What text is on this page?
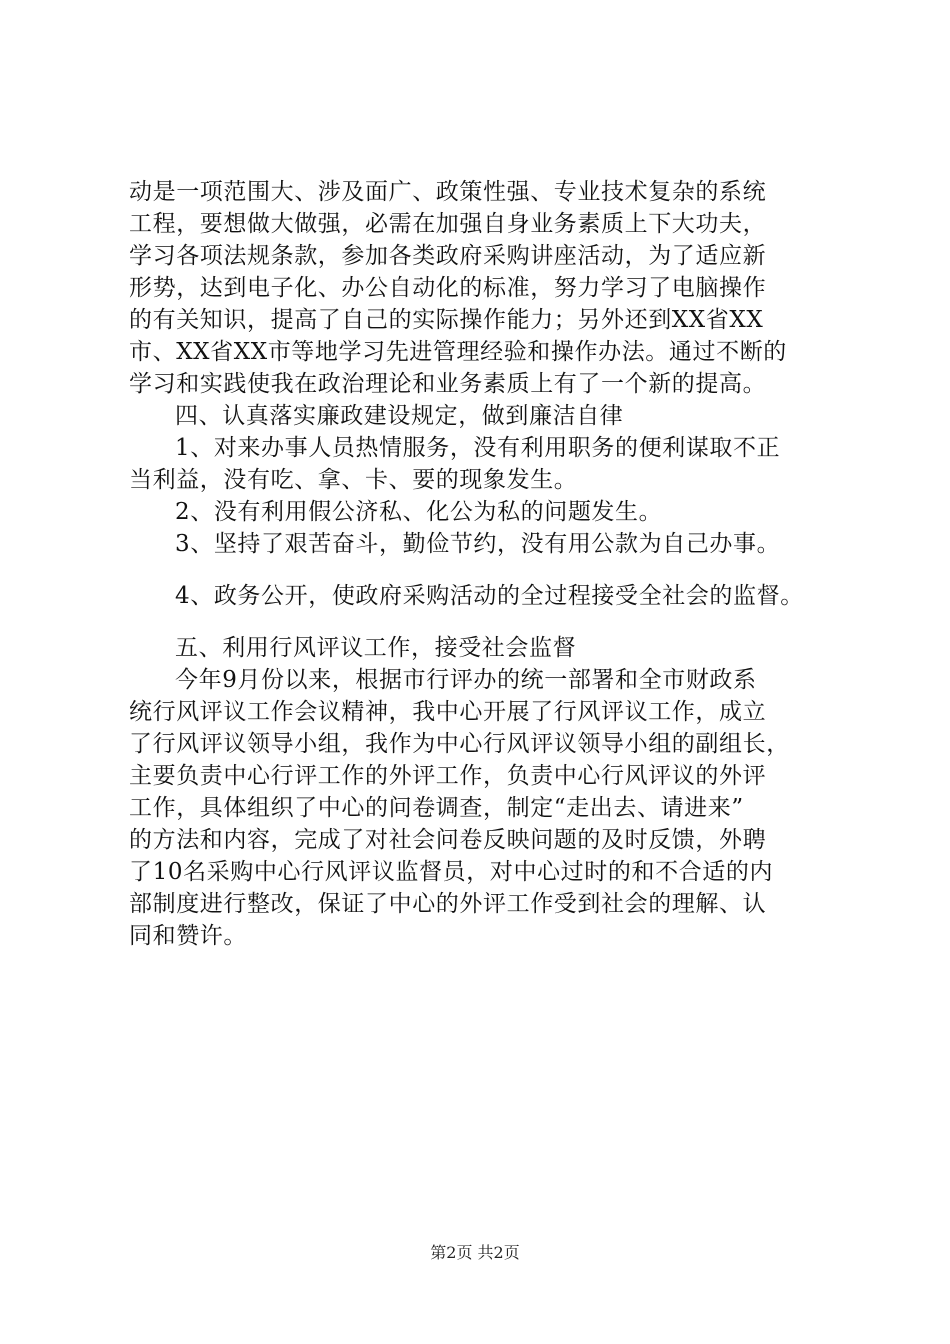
动是一项范围大、涉及面广、政策性强、专业技术复杂的系统
工程，要想做大做强，必需在加强自身业务素质上下大功夫，
学习各项法规条款，参加各类政府采购讲座活动，为了适应新
形势，达到电子化、办公自动化的标准，努力学习了电脑操作
的有关知识，提高了自己的实际操作能力；另外还到XX省XX
市、XX省XX市等地学习先进管理经验和操作办法。通过不断的
学习和实践使我在政治理论和业务素质上有了一个新的提高。
四、认真落实廉政建设规定，做到廉洁自律
1、对来办事人员热情服务，没有利用职务的便利谋取不正
当利益，没有吃、拿、卡、要的现象发生。
2、没有利用假公济私、化公为私的问题发生。
3、坚持了艰苦奋斗，勤俭节约，没有用公款为自己办事。
4、政务公开，使政府采购活动的全过程接受全社会的监督。
五、利用行风评议工作，接受社会监督
今年9月份以来，根据市行评办的统一部署和全市财政系
统行风评议工作会议精神，我中心开展了行风评议工作，成立
了行风评议领导小组，我作为中心行风评议领导小组的副组长，
主要负责中心行评工作的外评工作，负责中心行风评议的外评
工作，具体组织了中心的问卷调查，制定“走出去、请进来”
的方法和内容，完成了对社会问卷反映问题的及时反馈，外聘
了10名采购中心行风评议监督员，对中心过时的和不合适的内
部制度进行整改，保证了中心的外评工作受到社会的理解、认
同和赞许。
第2页 共2页
